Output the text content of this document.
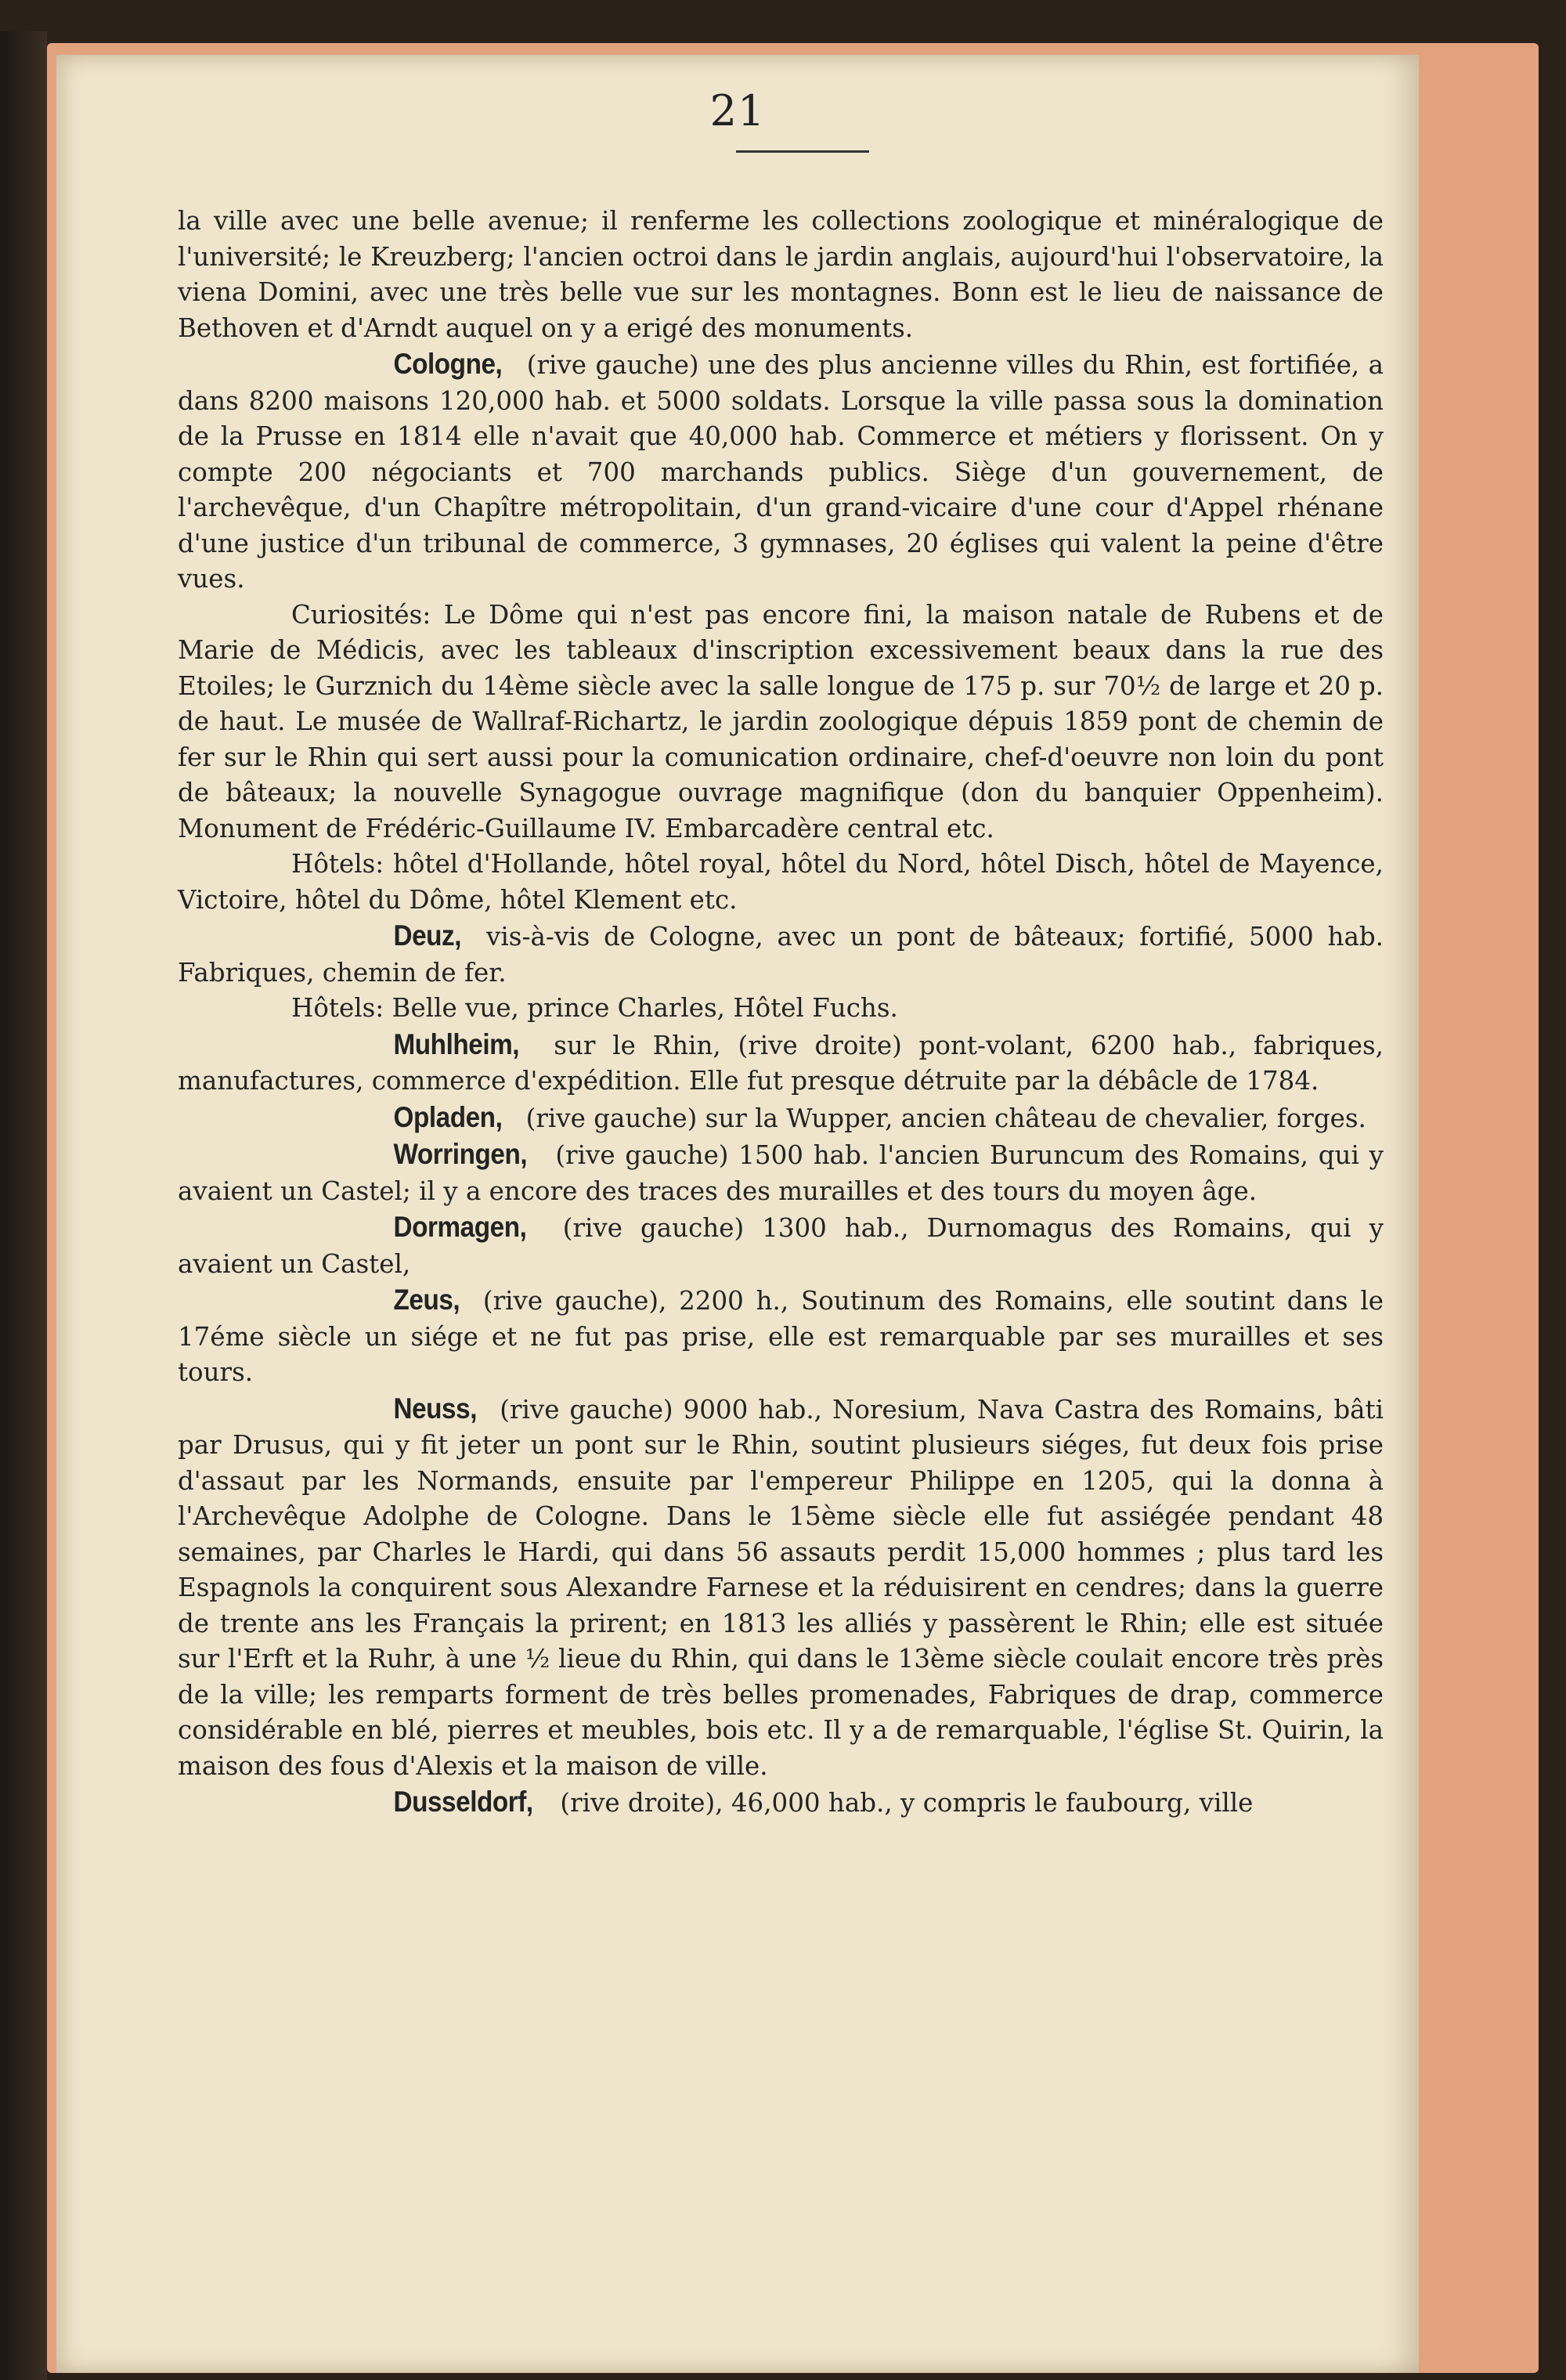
21

la ville avec une belle avenue; il renferme les collections zoologique et minéralogique de l'université; le Kreuzberg; l'ancien octroi dans le jardin anglais, aujourd'hui l'observatoire, la viena Domini, avec une très belle vue sur les montagnes. Bonn est le lieu de naissance de Bethoven et d'Arndt auquel on y a erigé des monuments.

Cologne, (rive gauche) une des plus ancienne villes du Rhin, est fortifiée, a dans 8200 maisons 120,000 hab. et 5000 soldats. Lorsque la ville passa sous la domination de la Prusse en 1814 elle n'avait que 40,000 hab. Commerce et métiers y florissent. On y compte 200 négociants et 700 marchands publics. Siège d'un gouvernement, de l'archevêque, d'un Chapître métropolitain, d'un grand-vicaire d'une cour d'Appel rhénane d'une justice d'un tribunal de commerce, 3 gymnases, 20 églises qui valent la peine d'être vues.

Curiosités: Le Dôme qui n'est pas encore fini, la maison natale de Rubens et de Marie de Médicis, avec les tableaux d'inscription excessivement beaux dans la rue des Etoiles; le Gurznich du 14ème siècle avec la salle longue de 175 p. sur 70½ de large et 20 p. de haut. Le musée de Wallraf-Richartz, le jardin zoologique dépuis 1859 pont de chemin de fer sur le Rhin qui sert aussi pour la comunication ordinaire, chef-d'oeuvre non loin du pont de bâteaux; la nouvelle Synagogue ouvrage magnifique (don du banquier Oppenheim). Monument de Frédéric-Guillaume IV. Embarcadère central etc.

Hôtels: hôtel d'Hollande, hôtel royal, hôtel du Nord, hôtel Disch, hôtel de Mayence, Victoire, hôtel du Dôme, hôtel Klement etc.

Deuz, vis-à-vis de Cologne, avec un pont de bâteaux; fortifié, 5000 hab. Fabriques, chemin de fer.

Hôtels: Belle vue, prince Charles, Hôtel Fuchs.

Muhlheim, sur le Rhin, (rive droite) pont-volant, 6200 hab., fabriques, manufactures, commerce d'expédition. Elle fut presque détruite par la débâcle de 1784.

Opladen, (rive gauche) sur la Wupper, ancien château de chevalier, forges.

Worringen, (rive gauche) 1500 hab. l'ancien Buruncum des Romains, qui y avaient un Castel; il y a encore des traces des murailles et des tours du moyen âge.

Dormagen, (rive gauche) 1300 hab., Durnomagus des Romains, qui y avaient un Castel,

Zeus, (rive gauche), 2200 h., Soutinum des Romains, elle soutint dans le 17éme siècle un siége et ne fut pas prise, elle est remarquable par ses murailles et ses tours.

Neuss, (rive gauche) 9000 hab., Noresium, Nava Castra des Romains, bâti par Drusus, qui y fit jeter un pont sur le Rhin, soutint plusieurs siéges, fut deux fois prise d'assaut par les Normands, ensuite par l'empereur Philippe en 1205, qui la donna à l'Archevêque Adolphe de Cologne. Dans le 15ème siècle elle fut assiégée pendant 48 semaines, par Charles le Hardi, qui dans 56 assauts perdit 15,000 hommes ; plus tard les Espagnols la conquirent sous Alexandre Farnese et la réduisirent en cendres; dans la guerre de trente ans les Français la prirent; en 1813 les alliés y passèrent le Rhin; elle est située sur l'Erft et la Ruhr, à une ½ lieue du Rhin, qui dans le 13ème siècle coulait encore très près de la ville; les remparts forment de très belles promenades, Fabriques de drap, commerce considérable en blé, pierres et meubles, bois etc. Il y a de remarquable, l'église St. Quirin, la maison des fous d'Alexis et la maison de ville.

Dusseldorf, (rive droite), 46,000 hab., y compris le faubourg, ville
